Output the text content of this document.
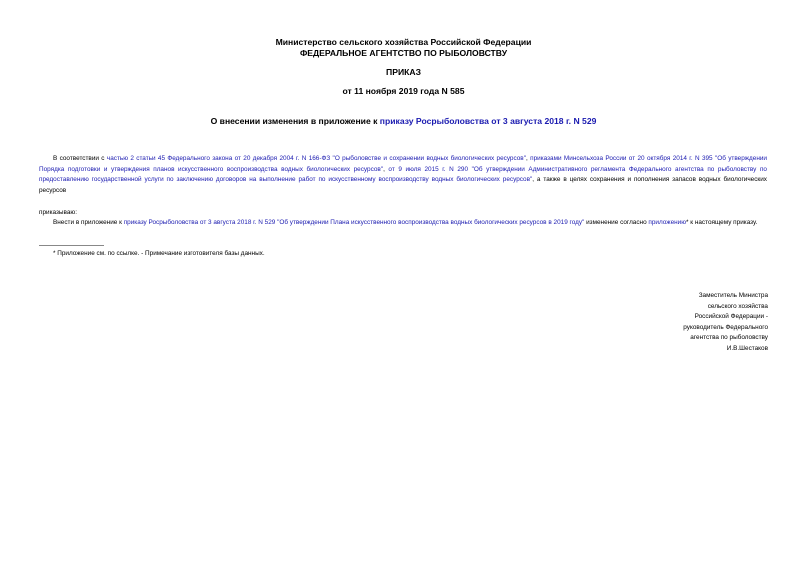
Министерство сельского хозяйства Российской Федерации
ФЕДЕРАЛЬНОЕ АГЕНТСТВО ПО РЫБОЛОВСТВУ
ПРИКАЗ
от 11 ноября 2019 года N 585
О внесении изменения в приложение к приказу Росрыболовства от 3 августа 2018 г. N 529
В соответствии с частью 2 статьи 45 Федерального закона от 20 декабря 2004 г. N 166-ФЗ "О рыболовстве и сохранении водных биологических ресурсов", приказами Минсельхоза России от 20 октября 2014 г. N 395 "Об утверждении Порядка подготовки и утверждения планов искусственного воспроизводства водных биологических ресурсов", от 9 июля 2015 г. N 290 "Об утверждении Административного регламента Федерального агентства по рыболовству по предоставлению государственной услуги по заключению договоров на выполнение работ по искусственному воспроизводству водных биологических ресурсов", а также в целях сохранения и пополнения запасов водных биологических ресурсов
приказываю:
Внести в приложение к приказу Росрыболовства от 3 августа 2018 г. N 529 "Об утверждении Плана искусственного воспроизводства водных биологических ресурсов в 2019 году" изменение согласно приложению* к настоящему приказу.
* Приложение см. по ссылке. - Примечание изготовителя базы данных.
Заместитель Министра
сельского хозяйства
Российской Федерации -
руководитель Федерального
агентства по рыболовству
И.В.Шестаков
